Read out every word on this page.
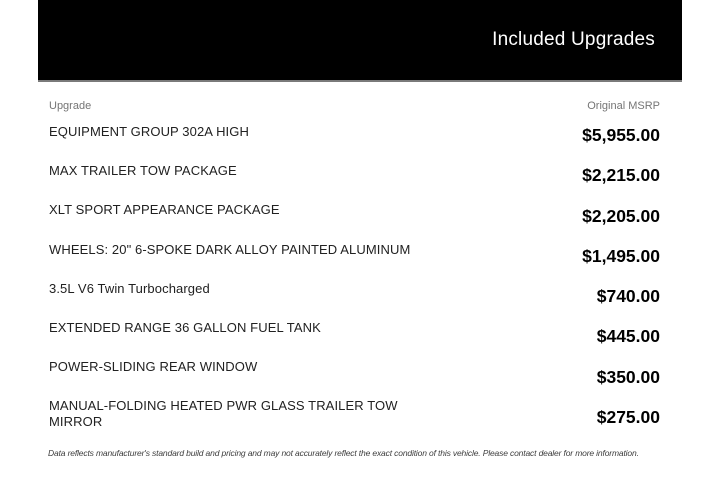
Included Upgrades
Upgrade	Original MSRP
EQUIPMENT GROUP 302A HIGH
MAX TRAILER TOW PACKAGE
XLT SPORT APPEARANCE PACKAGE
WHEELS: 20" 6-SPOKE DARK ALLOY PAINTED ALUMINUM
3.5L V6 Twin Turbocharged
EXTENDED RANGE 36 GALLON FUEL TANK
POWER-SLIDING REAR WINDOW
MANUAL-FOLDING HEATED PWR GLASS TRAILER TOW MIRROR
$5,955.00
$2,215.00
$2,205.00
$1,495.00
$740.00
$445.00
$350.00
$275.00
Data reflects manufacturer's standard build and pricing and may not accurately reflect the exact condition of this vehicle. Please contact dealer for more information.
